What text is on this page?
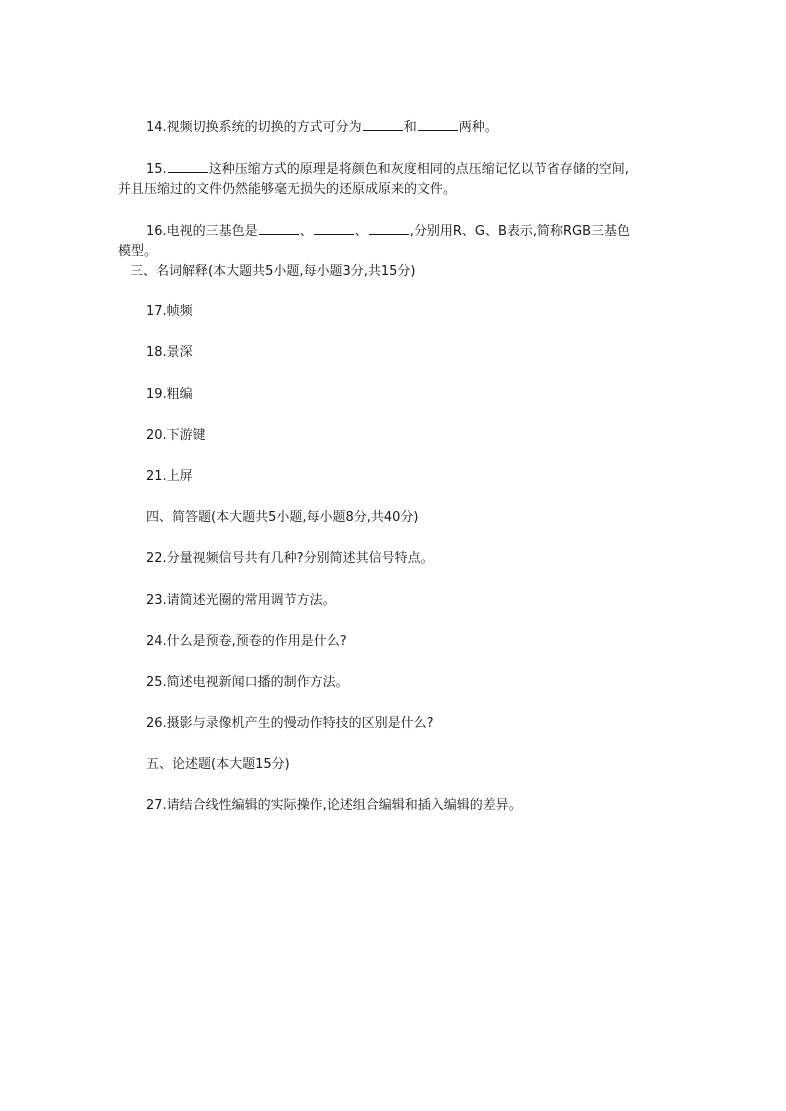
14.视频切换系统的切换的方式可分为	和	两种。
15.	这种压缩方式的原理是将颜色和灰度相同的点压缩记忆以节省存储的空间,
并且压缩过的文件仍然能够毫无损失的还原成原来的文件。
16.电视的三基色是	、	、	,分别用R、G、B表示,简称RGB三基色
模型。
三、名词解释(本大题共5小题,每小题3分,共15分)
17.帧频
18.景深
19.粗编
20.下游键
21.上屏
四、简答题(本大题共5小题,每小题8分,共40分)
22.分量视频信号共有几种?分别简述其信号特点。
23.请简述光圈的常用调节方法。
24.什么是预卷,预卷的作用是什么?
25.简述电视新闻口播的制作方法。
26.摄影与录像机产生的慢动作特技的区别是什么?
五、论述题(本大题15分)
27.请结合线性编辑的实际操作,论述组合编辑和插入编辑的差异。
